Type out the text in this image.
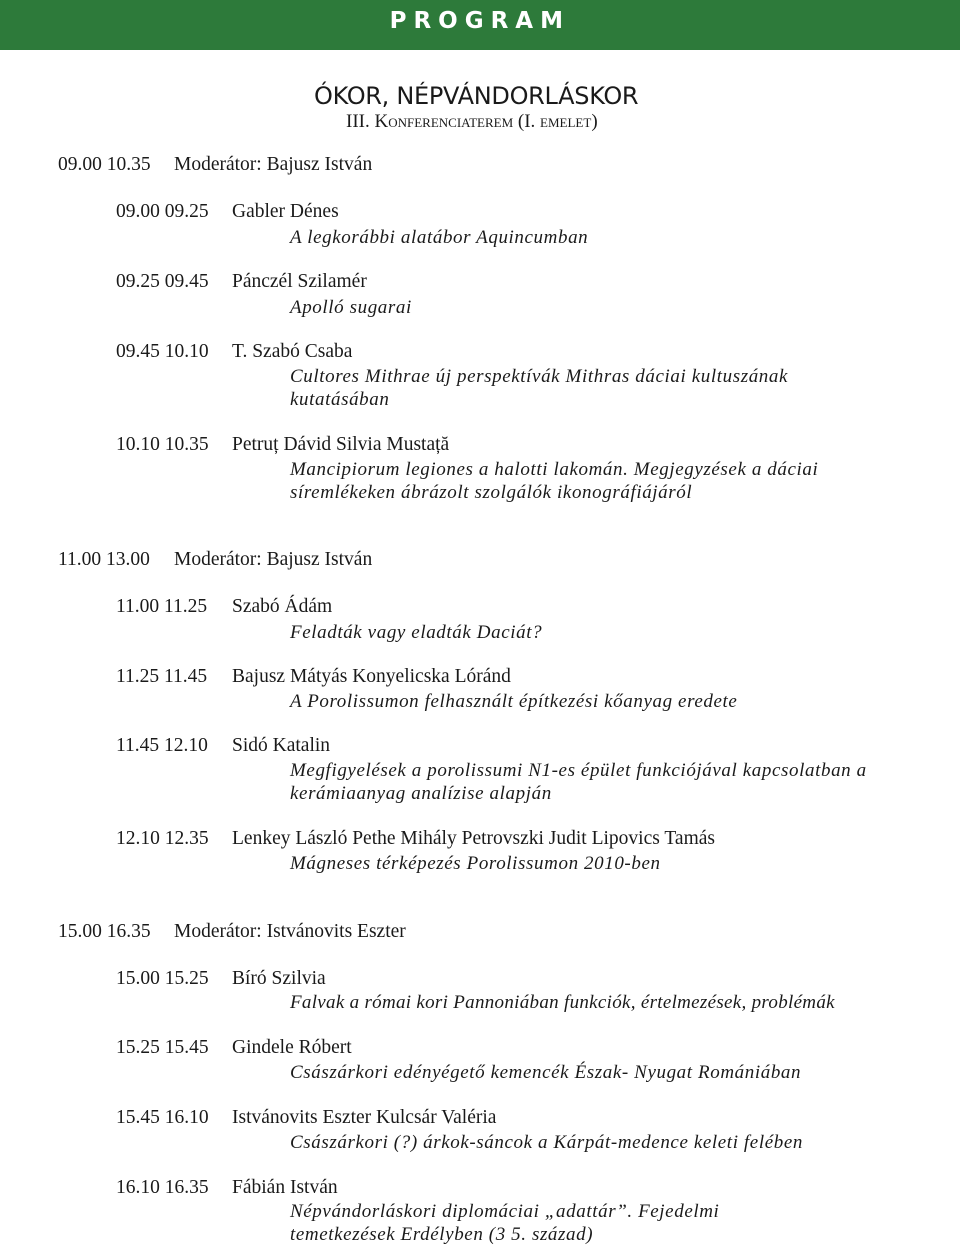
PROGRAM
ÓKOR, NÉPVÁNDORLÁSKOR
III. Konferenciaterem (I. emelet)
09.00 10.35 Moderátor: Bajusz István
09.00 09.25 Gabler Dénes
A legkorábbi alatábor Aquincumban
09.25 09.45 Pánczél Szilamér
Apolló sugarai
09.45 10.10 T. Szabó Csaba
Cultores Mithrae új perspektívák Mithras dáciai kultuszának kutatásában
10.10 10.35 Petruț Dávid Silvia Mustață
Mancipiorum legiones a halotti lakomán. Megjegyzések a dáciai síremlékeken ábrázolt szolgálók ikonográfiájáról
11.00 13.00 Moderátor: Bajusz István
11.00 11.25 Szabó Ádám
Feladták vagy eladták Daciát?
11.25 11.45 Bajusz Mátyás Konyelicska Lóránd
A Porolissumon felhasznált építkezési kőanyag eredete
11.45 12.10 Sidó Katalin
Megfigyelések a porolissumi N1-es épület funkciójával kapcsolatban a kerámiaanyag analízise alapján
12.10 12.35 Lenkey László Pethe Mihály Petrovszki Judit Lipovics Tamás
Mágneses térképezés Porolissumon 2010-ben
15.00 16.35 Moderátor: Istvánovits Eszter
15.00 15.25 Bíró Szilvia
Falvak a római kori Pannoniában funkciók, értelmezések, problémák
15.25 15.45 Gindele Róbert
Császárkori edényégető kemencék Észak- Nyugat Romániában
15.45 16.10 Istvánovits Eszter Kulcsár Valéria
Császárkori (?) árkok-sáncok a Kárpát-medence keleti felében
16.10 16.35 Fábián István
Népvándorláskori diplomáciai „adattár”. Fejedelmi temetkezések Erdélyben (3 5. század)
